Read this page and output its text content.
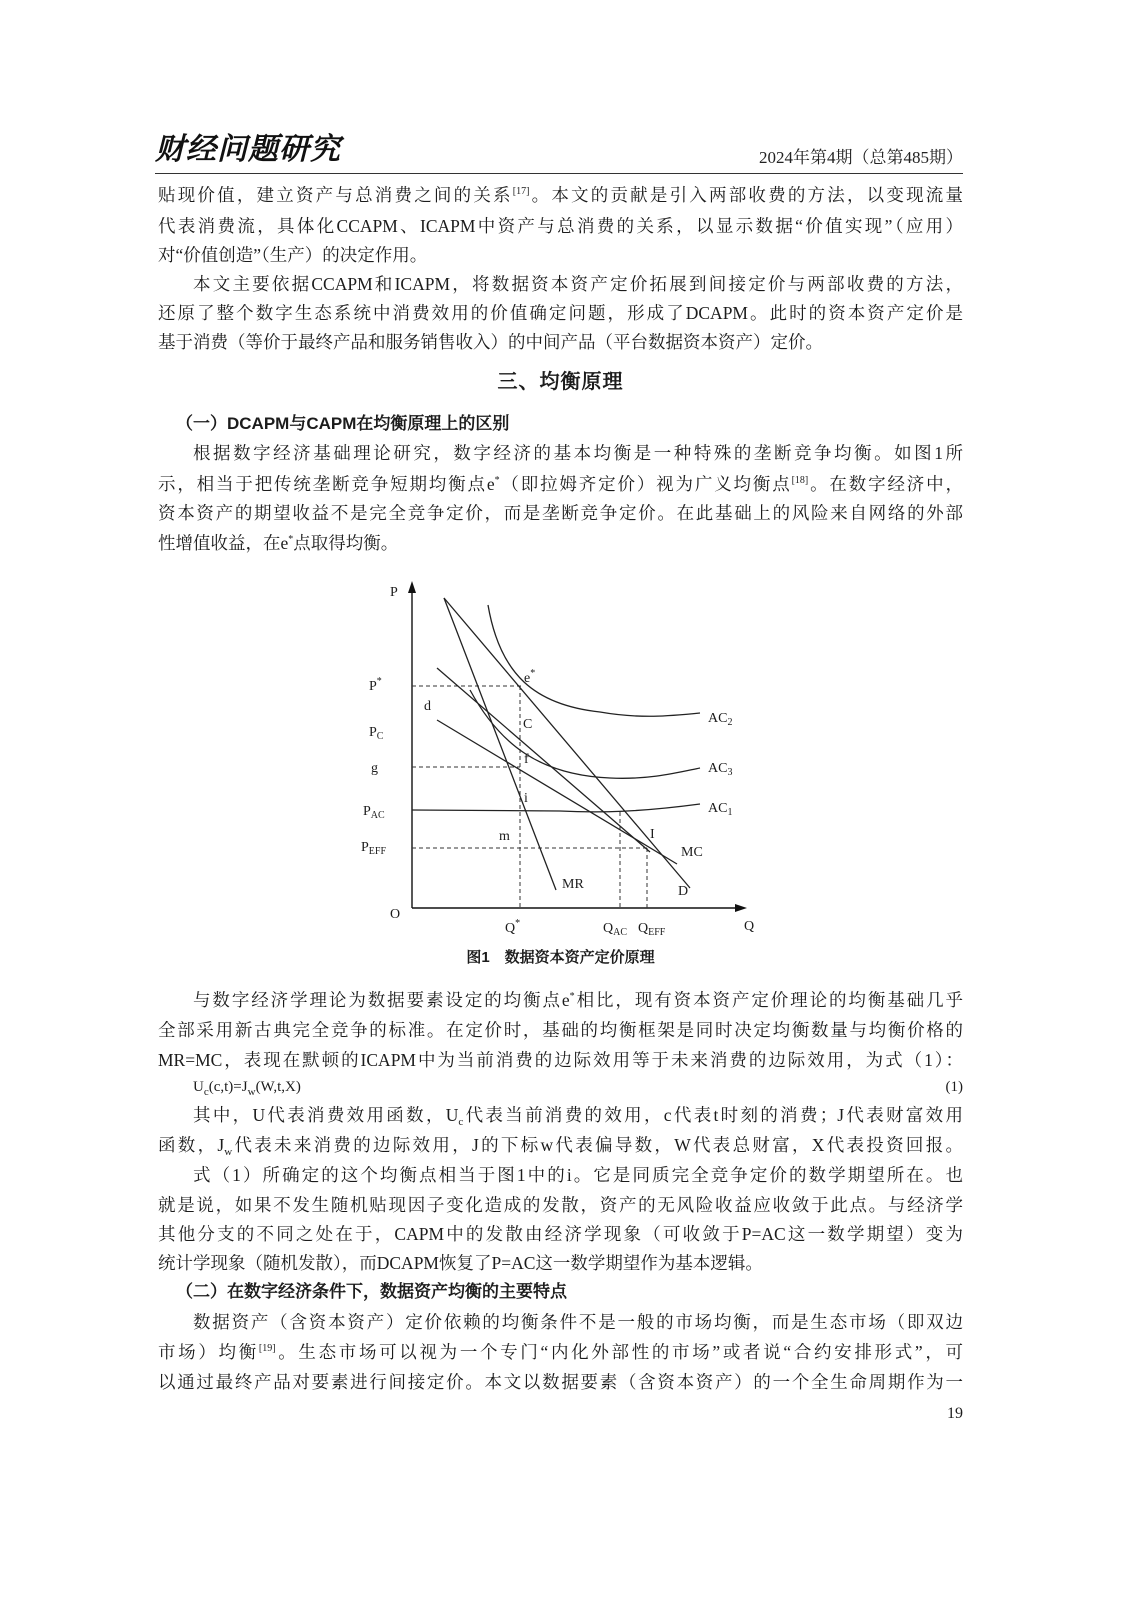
财经问题研究	2024年第4期（总第485期）
贴现价值，建立资产与总消费之间的关系[17]。本文的贡献是引入两部收费的方法，以变现流量
代表消费流，具体化CCAPM、ICAPM中资产与总消费的关系，以显示数据“价值实现”（应用）
对“价值创造”（生产）的决定作用。
本文主要依据CCAPM和ICAPM，将数据资本资产定价拓展到间接定价与两部收费的方法，
还原了整个数字生态系统中消费效用的价值确定问题，形成了DCAPM。此时的资本资产定价是
基于消费（等价于最终产品和服务销售收入）的中间产品（平台数据资本资产）定价。
三、均衡原理
（一）DCAPM与CAPM在均衡原理上的区别
根据数字经济基础理论研究，数字经济的基本均衡是一种特殊的垄断竞争均衡。如图1所
示，相当于把传统垄断竞争短期均衡点e*（即拉姆齐定价）视为广义均衡点[18]。在数字经济中，
资本资产的期望收益不是完全竞争定价，而是垄断竞争定价。在此基础上的风险来自网络的外部
性增值收益，在e*点取得均衡。
P
Q
O
P*
$P_C$
g
$P_{AC}$
$P_{EFF}$
Q*	$Q_{AC}$ $Q_{EFF}$
$AC_2$
$AC_3$
$AC_1$
MC
D
MR
d
e*
C
f
i
m	I
图1　数据资本资产定价原理
与数字经济学理论为数据要素设定的均衡点e*相比，现有资本资产定价理论的均衡基础几乎
全部采用新古典完全竞争的标准。在定价时，基础的均衡框架是同时决定均衡数量与均衡价格的
MR=MC，表现在默顿的ICAPM中为当前消费的边际效用等于未来消费的边际效用，为式（1）：
$U_c(c,t)=J_w(W,t,X)$	(1)
其中，U代表消费效用函数，$U_c$代表当前消费的效用，c代表t时刻的消费；J代表财富效用
函数，$J_w$代表未来消费的边际效用，J的下标w代表偏导数，W代表总财富，X代表投资回报。
式（1）所确定的这个均衡点相当于图1中的i。它是同质完全竞争定价的数学期望所在。也
就是说，如果不发生随机贴现因子变化造成的发散，资产的无风险收益应收敛于此点。与经济学
其他分支的不同之处在于，CAPM中的发散由经济学现象（可收敛于P=AC这一数学期望）变为
统计学现象（随机发散），而DCAPM恢复了P=AC这一数学期望作为基本逻辑。
（二）在数字经济条件下，数据资产均衡的主要特点
数据资产（含资本资产）定价依赖的均衡条件不是一般的市场均衡，而是生态市场（即双边
市场）均衡[19]。生态市场可以视为一个专门“内化外部性的市场”或者说“合约安排形式”，可
以通过最终产品对要素进行间接定价。本文以数据要素（含资本资产）的一个全生命周期作为一
19
